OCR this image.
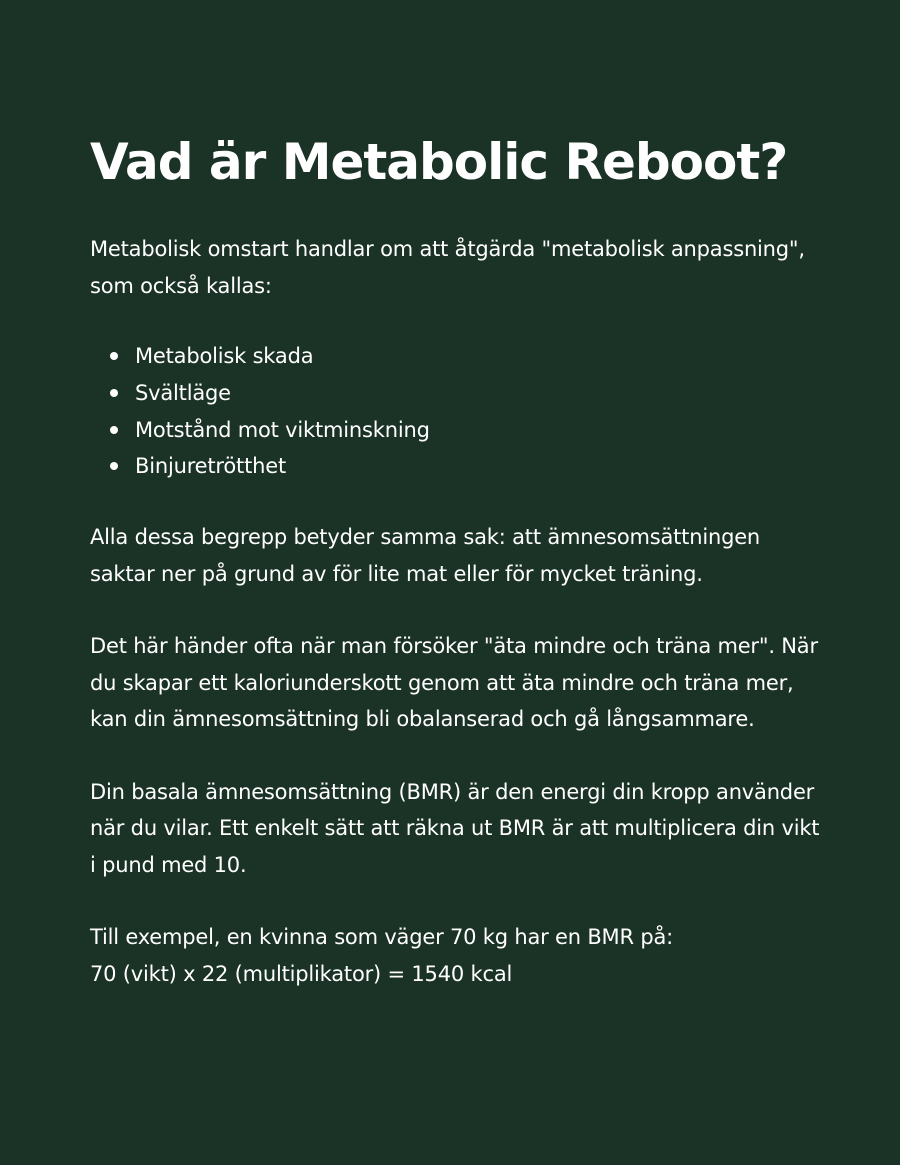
Vad är Metabolic Reboot?

Metabolisk omstart handlar om att åtgärda "metabolisk anpassning", som också kallas:

Metabolisk skada
Svältläge
Motstånd mot viktminskning
Binjuretrötthet

Alla dessa begrepp betyder samma sak: att ämnesomsättningen saktar ner på grund av för lite mat eller för mycket träning.

Det här händer ofta när man försöker "äta mindre och träna mer". När du skapar ett kaloriunderskott genom att äta mindre och träna mer, kan din ämnesomsättning bli obalanserad och gå långsammare.

Din basala ämnesomsättning (BMR) är den energi din kropp använder när du vilar. Ett enkelt sätt att räkna ut BMR är att multiplicera din vikt i pund med 10.

Till exempel, en kvinna som väger 70 kg har en BMR på:

70 (vikt) x 22 (multiplikator) = 1540 kcal
